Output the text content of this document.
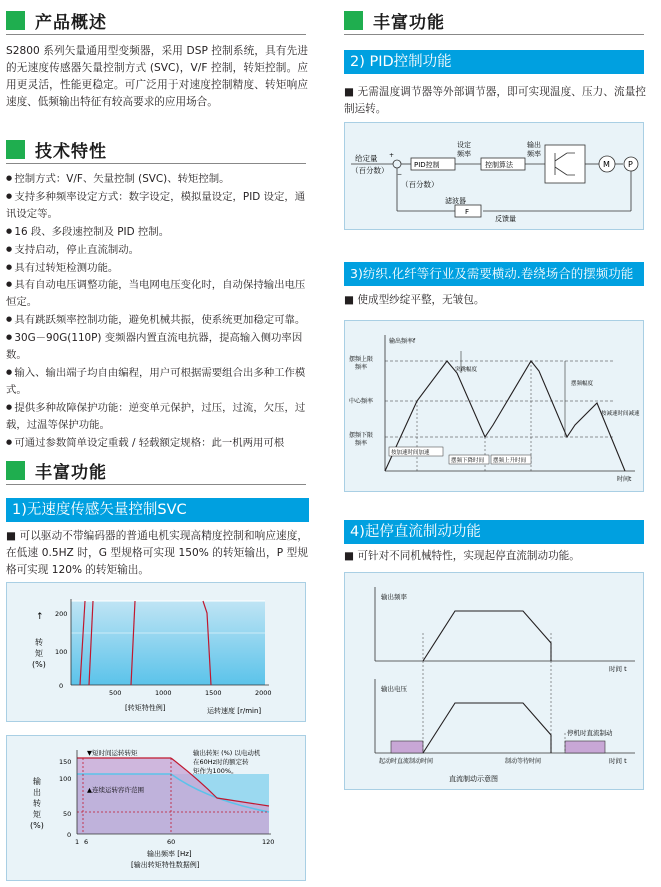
产品概述
S2800 系列矢量通用型变频器，采用 DSP 控制系统，具有先进的无速度传感器矢量控制方式 (SVC)，V/F 控制，转矩控制。应用更灵活，性能更稳定。可广泛用于对速度控制精度、转矩响应速度、低频输出特征有较高要求的应用场合。
技术特性
● 控制方式：V/F、矢量控制 (SVC)、转矩控制。
● 支持多种频率设定方式：数字设定，模拟量设定，PID 设定，通讯设定等。
● 16 段、多段速控制及 PID 控制。
● 支持启动，停止直流制动。
● 具有过转矩检测功能。
● 具有自动电压调整功能，当电网电压变化时，自动保持输出电压恒定。
● 具有跳跃频率控制功能，避免机械共振，使系统更加稳定可靠。
● 30G－90G(110P) 变频器内置直流电抗器，提高输入侧功率因数。
● 输入、输出端子均自由编程，用户可根据需要组合出多种工作模式。
● 提供多种故障保护功能：逆变单元保护，过压，过流，欠压，过载，过温等保护功能。
● 可通过参数简单设定重载 / 轻载额定规格：此一机两用可根
丰富功能
1)无速度传感矢量控制SVC
■ 可以驱动不带编码器的普通电机实现高精度控制和响应速度，在低速 0.5HZ 时，G 型规格可实现 150% 的转矩输出，P 型规格可实现 120% 的转矩输出。
↑
转矩(%)
0
100
200
500	1000	1500	2000
[转矩特性例]	运转速度 [r/min]
输出转矩(%)
0
50
100
150
1 6	60	120
▼短时间运转转矩
▲连续运转容许范围
输出转矩 (%) 以电动机在60Hz时的额定转矩作为100%。
输出频率 [Hz]
[输出转矩特性数据例]
丰富功能
2) PID控制功能
■ 无需温度调节器等外部调节器，即可实现温度、压力、流量控制运转。
给定量
（百分数）
+
−
PID控制
设定频率
控制算法
输出频率
M P
滤波器
F
反馈量
（百分数）
3)纺织.化纤等行业及需要横动.卷绕场合的摆频功能
■ 使成型纱绽平整，无皱包。
输出频率f
摆频上限频率
中心频率
摆频下限频率
突跳幅度
摆频幅度
按减速时间减速
按加速时间加速
摆频下降时间 摆频上升时间
时间t
4)起停直流制动功能
■ 可针对不同机械特性，实现起停直流制动功能。
输出频率
时间 t
输出电压
停机时直流制动
时间 t
起动时直流制动时间	制动等待时间
直流制动示意图
